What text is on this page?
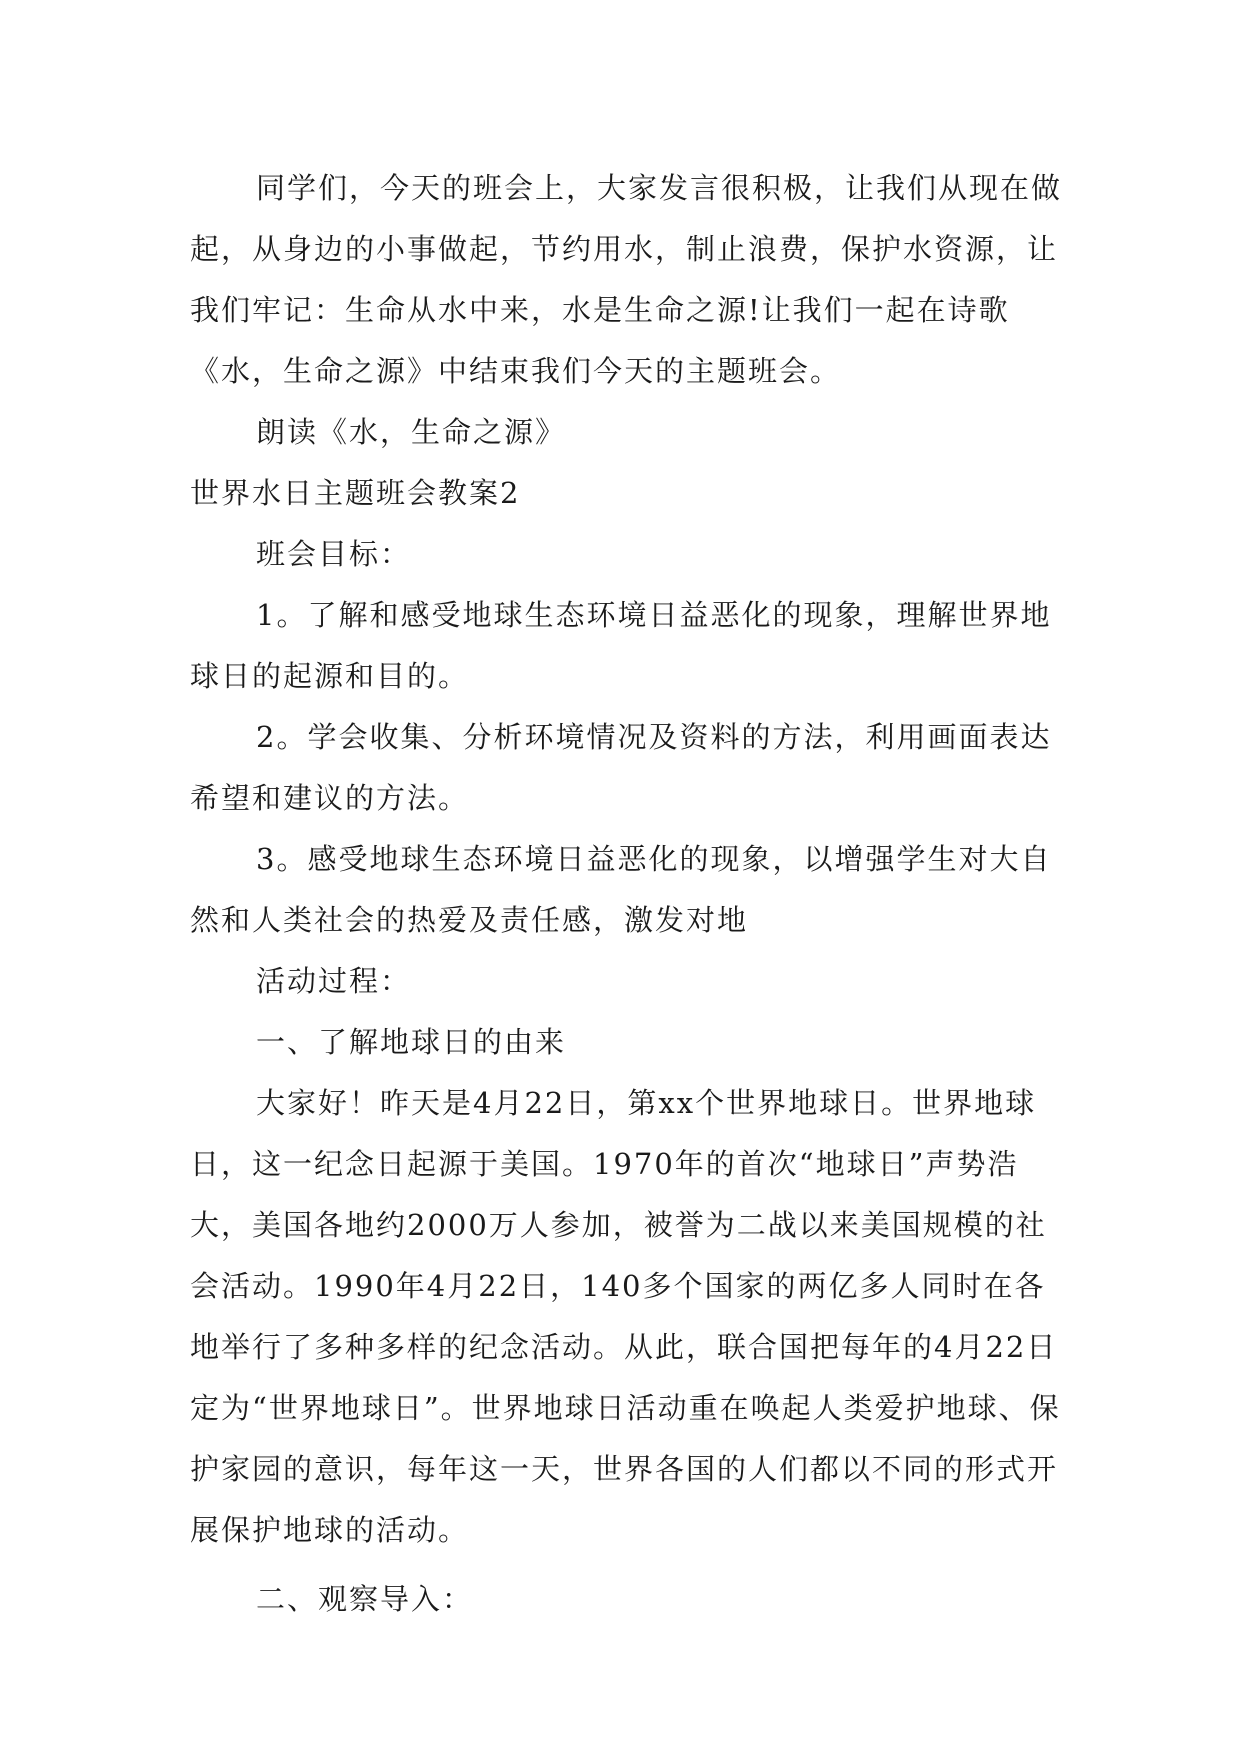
同学们，今天的班会上，大家发言很积极，让我们从现在做起，从身边的小事做起，节约用水，制止浪费，保护水资源，让我们牢记：生命从水中来，水是生命之源!让我们一起在诗歌《水，生命之源》中结束我们今天的主题班会。

朗读《水，生命之源》

世界水日主题班会教案2

班会目标：

1。了解和感受地球生态环境日益恶化的现象，理解世界地球日的起源和目的。

2。学会收集、分析环境情况及资料的方法，利用画面表达希望和建议的方法。

3。感受地球生态环境日益恶化的现象，以增强学生对大自然和人类社会的热爱及责任感，激发对地

活动过程：

一、了解地球日的由来

大家好！昨天是4月22日，第xx个世界地球日。世界地球日，这一纪念日起源于美国。1970年的首次“地球日”声势浩大，美国各地约2000万人参加，被誉为二战以来美国规模的社会活动。1990年4月22日，140多个国家的两亿多人同时在各地举行了多种多样的纪念活动。从此，联合国把每年的4月22日定为“世界地球日”。世界地球日活动重在唤起人类爱护地球、保护家园的意识，每年这一天，世界各国的人们都以不同的形式开展保护地球的活动。

二、观察导入：
